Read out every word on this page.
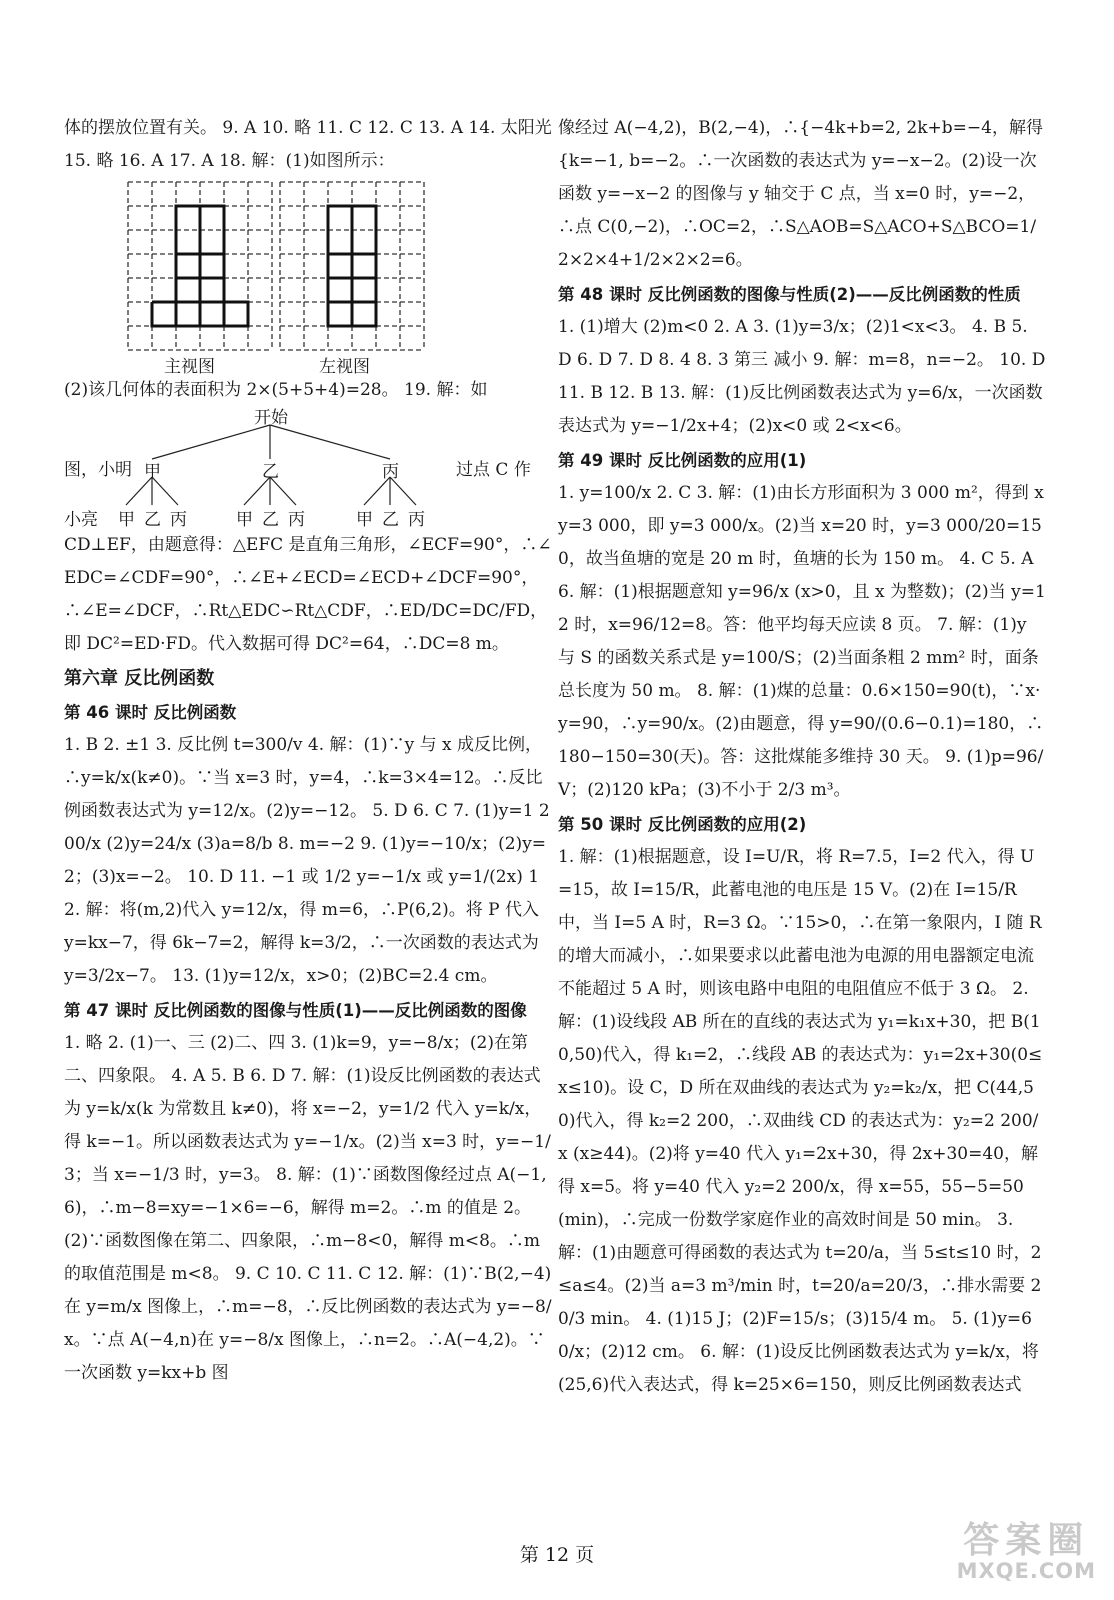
体的摆放位置有关。 9. A 10. 略 11. C 12. C 13. A 14. 太阳光 15. 略 16. A 17. A 18. 解：(1)如图所示：

主视图	左视图

(2)该几何体的表面积为 2×(5+5+4)=28。 19. 解：如

开始
图，小明 甲	乙	丙	过点 C 作
小亮 甲 乙 丙	甲 乙 丙	甲 乙 丙

CD⊥EF，由题意得：△EFC 是直角三角形，∠ECF=90°，∴∠EDC=∠CDF=90°，∴∠E+∠ECD=∠ECD+∠DCF=90°，∴∠E=∠DCF，∴Rt△EDC∽Rt△CDF，∴ED/DC=DC/FD，即 DC²=ED·FD。代入数据可得 DC²=64，∴DC=8 m。

第六章 反比例函数

第 46 课时 反比例函数

1. B 2. ±1 3. 反比例 t=300/v 4. 解：(1)∵y 与 x 成反比例，∴y=k/x(k≠0)。∵当 x=3 时，y=4，∴k=3×4=12。∴反比例函数表达式为 y=12/x。(2)y=−12。 5. D 6. C 7. (1)y=1 200/x (2)y=24/x (3)a=8/b 8. m=−2 9. (1)y=−10/x；(2)y=2；(3)x=−2。 10. D 11. −1 或 1/2 y=−1/x 或 y=1/(2x) 12. 解：将(m,2)代入 y=12/x，得 m=6，∴P(6,2)。将 P 代入 y=kx−7，得 6k−7=2，解得 k=3/2，∴一次函数的表达式为 y=3/2x−7。 13. (1)y=12/x，x>0；(2)BC=2.4 cm。

第 47 课时 反比例函数的图像与性质(1)——反比例函数的图像

1. 略 2. (1)一、三 (2)二、四 3. (1)k=9，y=−8/x；(2)在第二、四象限。 4. A 5. B 6. D 7. 解：(1)设反比例函数的表达式为 y=k/x(k 为常数且 k≠0)，将 x=−2，y=1/2 代入 y=k/x，得 k=−1。所以函数表达式为 y=−1/x。(2)当 x=3 时，y=−1/3；当 x=−1/3 时，y=3。 8. 解：(1)∵函数图像经过点 A(−1,6)，∴m−8=xy=−1×6=−6，解得 m=2。∴m 的值是 2。(2)∵函数图像在第二、四象限，∴m−8<0，解得 m<8。∴m 的取值范围是 m<8。 9. C 10. C 11. C 12. 解：(1)∵B(2,−4)在 y=m/x 图像上，∴m=−8，∴反比例函数的表达式为 y=−8/x。∵点 A(−4,n)在 y=−8/x 图像上，∴n=2。∴A(−4,2)。∵一次函数 y=kx+b 图

像经过 A(−4,2)，B(2,−4)，∴{−4k+b=2, 2k+b=−4，解得 {k=−1, b=−2。∴一次函数的表达式为 y=−x−2。(2)设一次函数 y=−x−2 的图像与 y 轴交于 C 点，当 x=0 时，y=−2，∴点 C(0,−2)，∴OC=2，∴S△AOB=S△ACO+S△BCO=1/2×2×4+1/2×2×2=6。

第 48 课时 反比例函数的图像与性质(2)——反比例函数的性质

1. (1)增大 (2)m<0 2. A 3. (1)y=3/x；(2)1<x<3。 4. B 5. D 6. D 7. D 8. 4 8. 3 第三 减小 9. 解：m=8，n=−2。 10. D 11. B 12. B 13. 解：(1)反比例函数表达式为 y=6/x，一次函数表达式为 y=−1/2x+4；(2)x<0 或 2<x<6。

第 49 课时 反比例函数的应用(1)

1. y=100/x 2. C 3. 解：(1)由长方形面积为 3 000 m²，得到 xy=3 000，即 y=3 000/x。(2)当 x=20 时，y=3 000/20=150，故当鱼塘的宽是 20 m 时，鱼塘的长为 150 m。 4. C 5. A 6. 解：(1)根据题意知 y=96/x (x>0，且 x 为整数)；(2)当 y=12 时，x=96/12=8。答：他平均每天应读 8 页。 7. 解：(1)y 与 S 的函数关系式是 y=100/S；(2)当面条粗 2 mm² 时，面条总长度为 50 m。 8. 解：(1)煤的总量：0.6×150=90(t)，∵x·y=90，∴y=90/x。(2)由题意，得 y=90/(0.6−0.1)=180，∴180−150=30(天)。答：这批煤能多维持 30 天。 9. (1)p=96/V；(2)120 kPa；(3)不小于 2/3 m³。

第 50 课时 反比例函数的应用(2)

1. 解：(1)根据题意，设 I=U/R，将 R=7.5，I=2 代入，得 U=15，故 I=15/R，此蓄电池的电压是 15 V。(2)在 I=15/R 中，当 I=5 A 时，R=3 Ω。∵15>0，∴在第一象限内，I 随 R 的增大而减小，∴如果要求以此蓄电池为电源的用电器额定电流不能超过 5 A 时，则该电路中电阻的电阻值应不低于 3 Ω。 2. 解：(1)设线段 AB 所在的直线的表达式为 y₁=k₁x+30，把 B(10,50)代入，得 k₁=2，∴线段 AB 的表达式为：y₁=2x+30(0≤x≤10)。设 C，D 所在双曲线的表达式为 y₂=k₂/x，把 C(44,50)代入，得 k₂=2 200，∴双曲线 CD 的表达式为：y₂=2 200/x (x≥44)。(2)将 y=40 代入 y₁=2x+30，得 2x+30=40，解得 x=5。将 y=40 代入 y₂=2 200/x，得 x=55，55−5=50(min)，∴完成一份数学家庭作业的高效时间是 50 min。 3. 解：(1)由题意可得函数的表达式为 t=20/a，当 5≤t≤10 时，2≤a≤4。(2)当 a=3 m³/min 时，t=20/a=20/3，∴排水需要 20/3 min。 4. (1)15 J；(2)F=15/s；(3)15/4 m。 5. (1)y=60/x；(2)12 cm。 6. 解：(1)设反比例函数表达式为 y=k/x，将(25,6)代入表达式，得 k=25×6=150，则反比例函数表达式

第 12 页	答案圈
MXQE.COM
